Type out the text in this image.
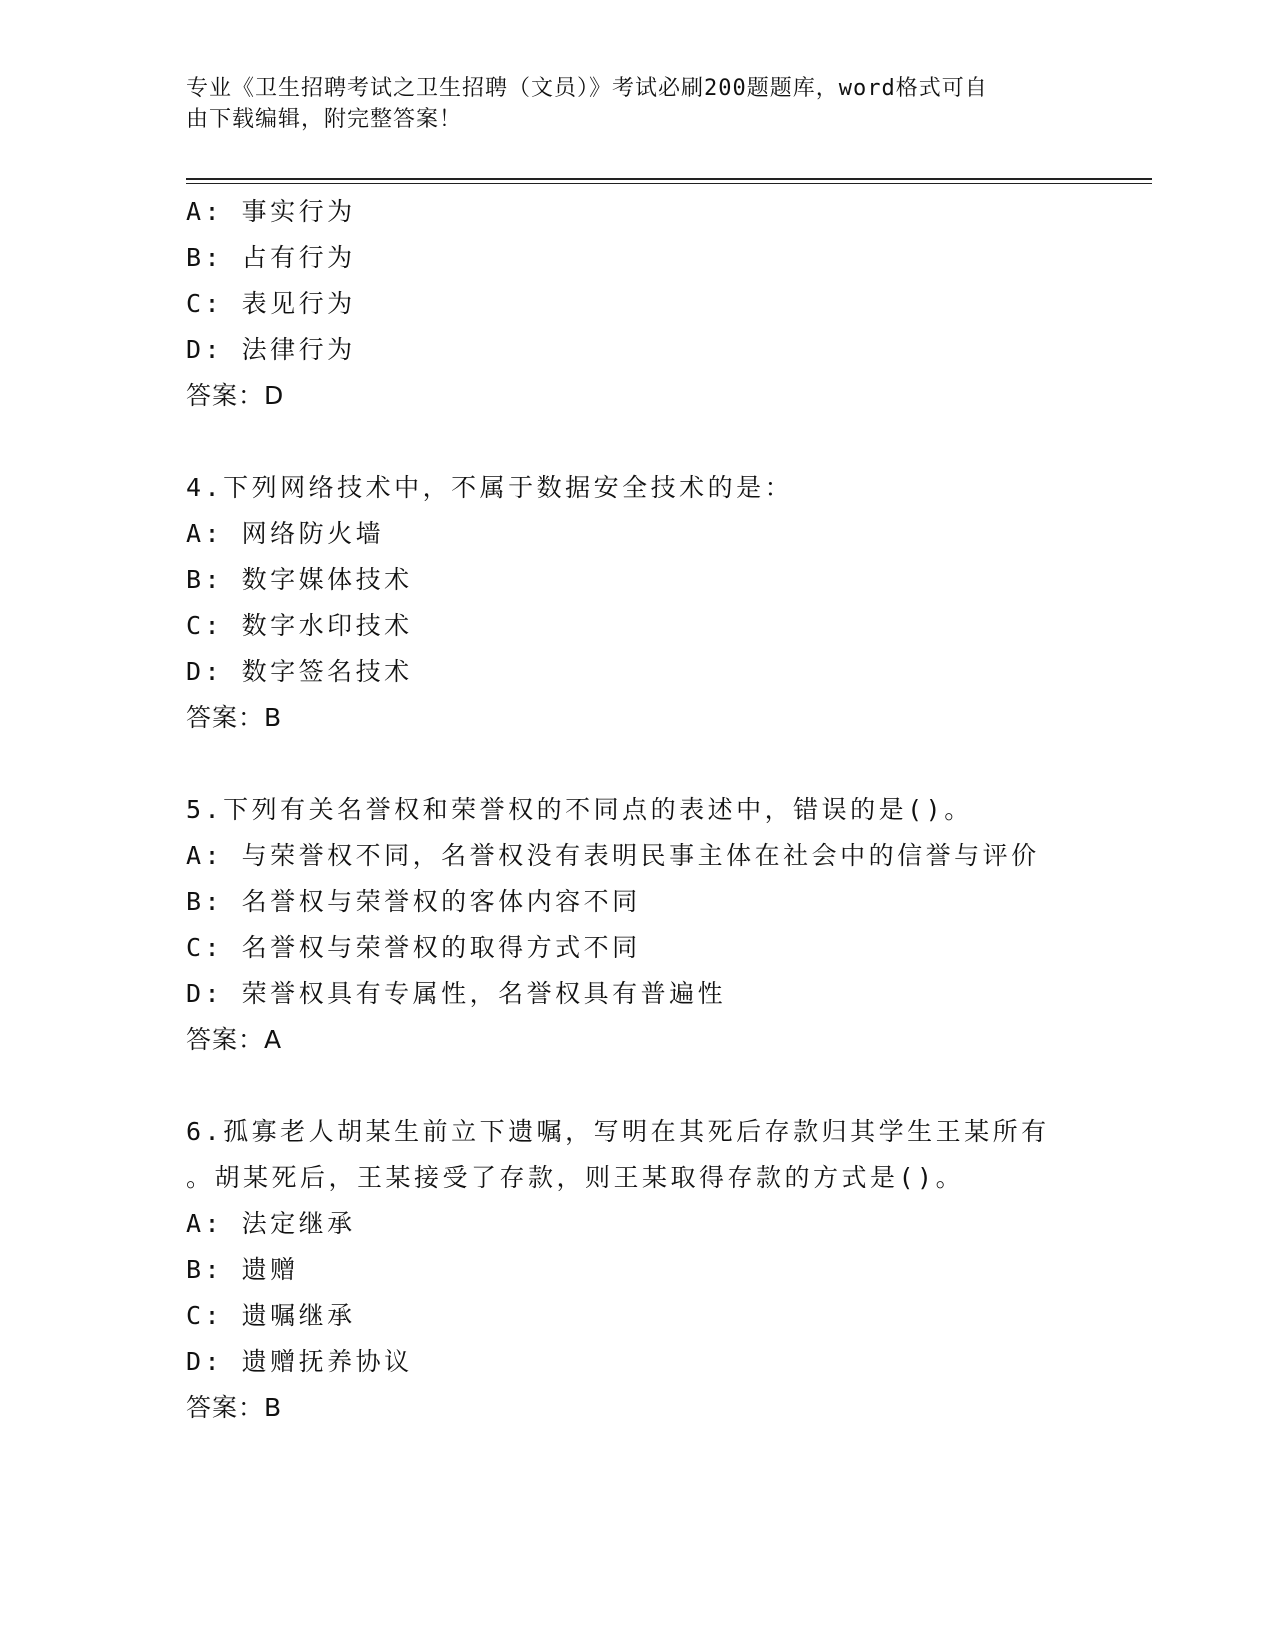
专业《卫生招聘考试之卫生招聘（文员）》考试必刷200题题库，word格式可自
由下载编辑，附完整答案！
A: 事实行为
B: 占有行为
C: 表见行为
D: 法律行为
答案：D
4.下列网络技术中，不属于数据安全技术的是：
A: 网络防火墙
B: 数字媒体技术
C: 数字水印技术
D: 数字签名技术
答案：B
5.下列有关名誉权和荣誉权的不同点的表述中，错误的是()。
A: 与荣誉权不同，名誉权没有表明民事主体在社会中的信誉与评价
B: 名誉权与荣誉权的客体内容不同
C: 名誉权与荣誉权的取得方式不同
D: 荣誉权具有专属性，名誉权具有普遍性
答案：A
6.孤寡老人胡某生前立下遗嘱，写明在其死后存款归其学生王某所有
。胡某死后，王某接受了存款，则王某取得存款的方式是()。
A: 法定继承
B: 遗赠
C: 遗嘱继承
D: 遗赠抚养协议
答案：B
